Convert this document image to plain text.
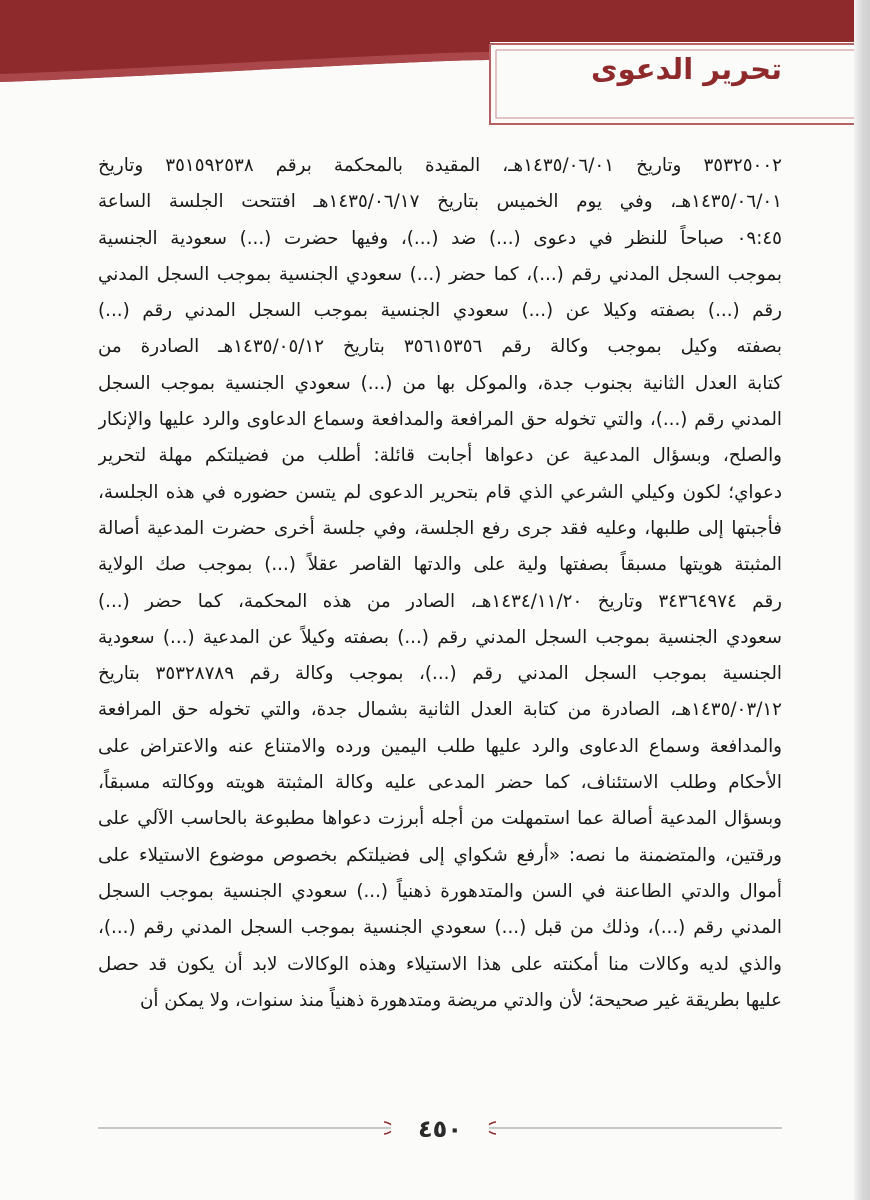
تحرير الدعوى
٣٥٣٢٥٠٠٢ وتاريخ ١٤٣٥/٠٦/٠١هـ، المقيدة بالمحكمة برقم ٣٥١٥٩٢٥٣٨ وتاريخ
١٤٣٥/٠٦/٠١هـ، وفي يوم الخميس بتاريخ ١٤٣٥/٠٦/١٧هـ افتتحت الجلسة الساعة
٠٩:٤٥ صباحاً للنظر في دعوى (...) ضد (...)، وفيها حضرت (...) سعودية الجنسية
بموجب السجل المدني رقم (...)، كما حضر (...) سعودي الجنسية بموجب السجل المدني
رقم (...) بصفته وكيلا عن (...) سعودي الجنسية بموجب السجل المدني رقم (...)
بصفته وكيل بموجب وكالة رقم ٣٥٦١٥٣٥٦ بتاريخ ١٤٣٥/٠٥/١٢هـ الصادرة من
كتابة العدل الثانية بجنوب جدة، والموكل بها من (...) سعودي الجنسية بموجب السجل
المدني رقم (...)، والتي تخوله حق المرافعة والمدافعة وسماع الدعاوى والرد عليها والإنكار
والصلح، وبسؤال المدعية عن دعواها أجابت قائلة: أطلب من فضيلتكم مهلة لتحرير
دعواي؛ لكون وكيلي الشرعي الذي قام بتحرير الدعوى لم يتسن حضوره في هذه الجلسة،
فأجبتها إلى طلبها، وعليه فقد جرى رفع الجلسة، وفي جلسة أخرى حضرت المدعية أصالة
المثبتة هويتها مسبقاً بصفتها ولية على والدتها القاصر عقلاً (...) بموجب صك الولاية
رقم ٣٤٣٦٤٩٧٤ وتاريخ ١٤٣٤/١١/٢٠هـ، الصادر من هذه المحكمة، كما حضر (...)
سعودي الجنسية بموجب السجل المدني رقم (...) بصفته وكيلاً عن المدعية (...) سعودية
الجنسية بموجب السجل المدني رقم (...)، بموجب وكالة رقم ٣٥٣٢٨٧٨٩ بتاريخ
١٤٣٥/٠٣/١٢هـ، الصادرة من كتابة العدل الثانية بشمال جدة، والتي تخوله حق المرافعة
والمدافعة وسماع الدعاوى والرد عليها طلب اليمين ورده والامتناع عنه والاعتراض على
الأحكام وطلب الاستئناف، كما حضر المدعى عليه وكالة المثبتة هويته ووكالته مسبقاً،
وبسؤال المدعية أصالة عما استمهلت من أجله أبرزت دعواها مطبوعة بالحاسب الآلي على
ورقتين، والمتضمنة ما نصه: «أرفع شكواي إلى فضيلتكم بخصوص موضوع الاستيلاء على
أموال والدتي الطاعنة في السن والمتدهورة ذهنياً (...) سعودي الجنسية بموجب السجل
المدني رقم (...)، وذلك من قبل (...) سعودي الجنسية بموجب السجل المدني رقم (...)،
والذي لديه وكالات منا أمكنته على هذا الاستيلاء وهذه الوكالات لابد أن يكون قد حصل
عليها بطريقة غير صحيحة؛ لأن والدتي مريضة ومتدهورة ذهنياً منذ سنوات، ولا يمكن أن
٤٥٠
